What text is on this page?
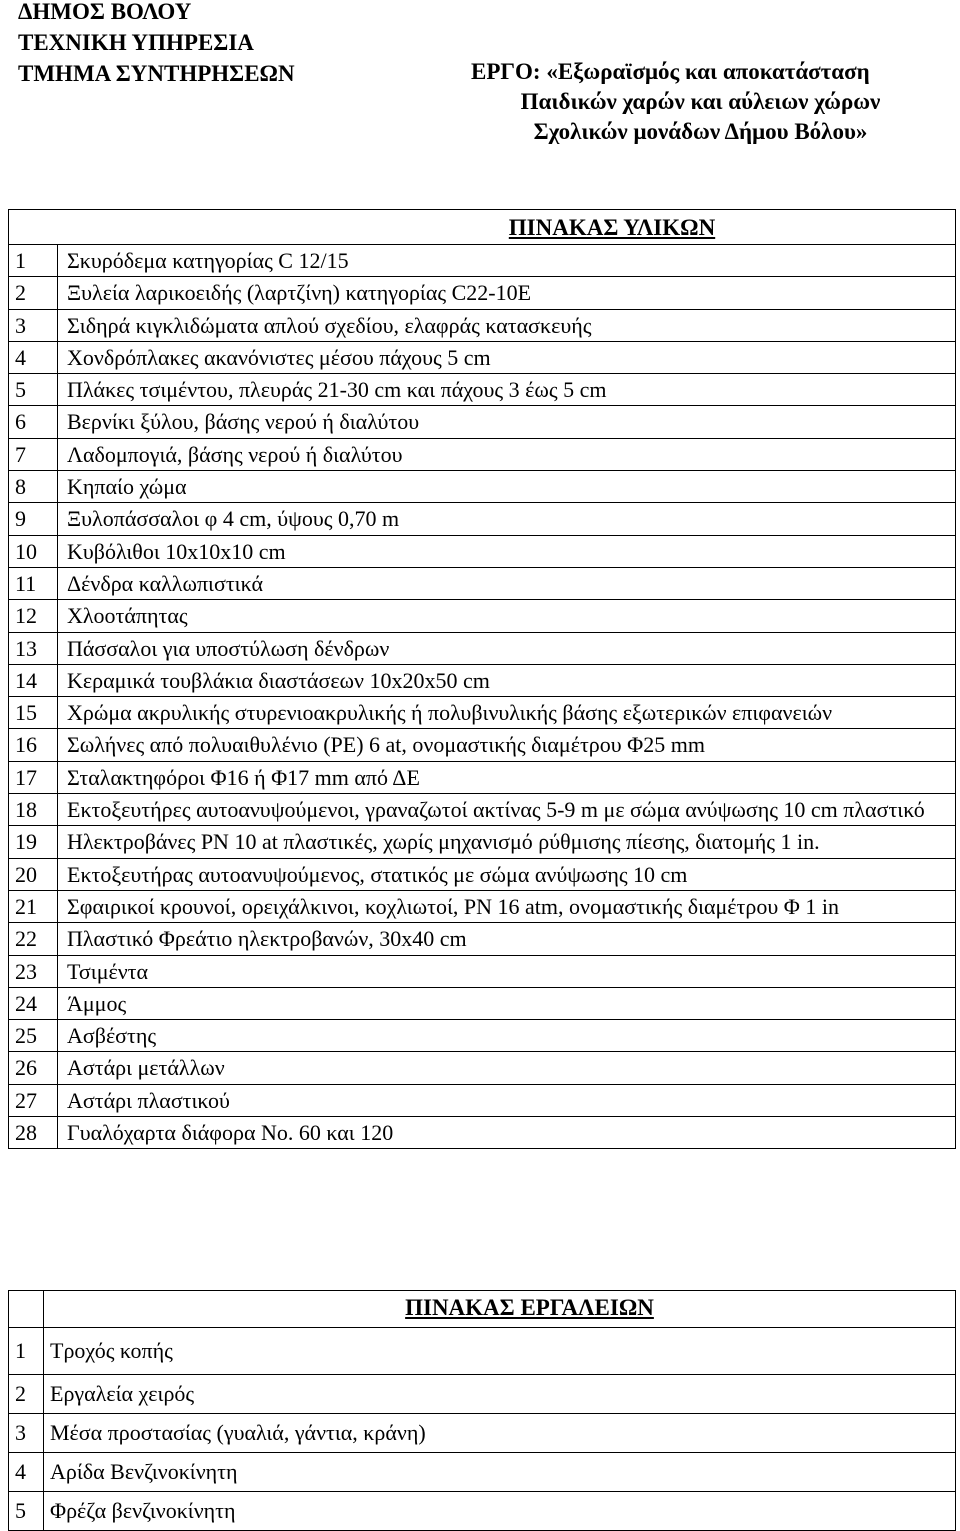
ΔΗΜΟΣ ΒΟΛΟΥ
ΤΕΧΝΙΚΗ ΥΠΗΡΕΣΙΑ
ΤΜΗΜΑ ΣΥΝΤΗΡΗΣΕΩΝ	ΕΡΓΟ: «Εξωραϊσμός και αποκατάσταση

Παιδικών χαρών και αύλειων χώρων

Σχολικών μονάδων Δήμου Βόλου»

ΠΙΝΑΚΑΣ ΥΛΙΚΩΝ	
1	Σκυρόδεμα κατηγορίας C 12/15
2	Ξυλεία λαρικοειδής (λαρτζίνη) κατηγορίας C22-10E
3	Σιδηρά κιγκλιδώματα απλού σχεδίου, ελαφράς κατασκευής
4	Χονδρόπλακες ακανόνιστες μέσου πάχους 5 cm
5	Πλάκες τσιμέντου, πλευράς 21-30 cm και πάχους 3 έως 5 cm
6	Βερνίκι ξύλου, βάσης νερού ή διαλύτου
7	Λαδομπογιά, βάσης νερού ή διαλύτου
8	Κηπαίο χώμα
9	Ξυλοπάσσαλοι φ 4 cm, ύψους 0,70 m
10	Κυβόλιθοι 10x10x10 cm
11	Δένδρα καλλωπιστικά
12	Χλοοτάπητας
13	Πάσσαλοι για υποστύλωση δένδρων
14	Κεραμικά τουβλάκια διαστάσεων 10x20x50 cm
15	Χρώμα ακρυλικής στυρενιοακρυλικής ή πολυβινυλικής βάσης εξωτερικών επιφανειών
16	Σωλήνες από πολυαιθυλένιο (ΡΕ) 6 at, ονομαστικής διαμέτρου Φ25 mm
17	Σταλακτηφόροι Φ16 ή Φ17 mm από ΔΕ
18	Εκτοξευτήρες αυτοανυψούμενοι, γραναζωτοί ακτίνας 5-9 m με σώμα ανύψωσης 10 cm πλαστικό
19	Ηλεκτροβάνες ΡΝ 10 at πλαστικές, χωρίς μηχανισμό ρύθμισης πίεσης, διατομής 1 in.
20	Εκτοξευτήρας αυτοανυψούμενος, στατικός με σώμα ανύψωσης 10 cm
21	Σφαιρικοί κρουνοί, ορειχάλκινοι, κοχλιωτοί, ΡΝ 16 atm, ονομαστικής διαμέτρου Φ 1 in
22	Πλαστικό Φρεάτιο ηλεκτροβανών, 30x40 cm
23	Τσιμέντα
24	Άμμος
25	Ασβέστης
26	Αστάρι μετάλλων
27	Αστάρι πλαστικού
28	Γυαλόχαρτα διάφορα Νο. 60 και 120
	ΠΙΝΑΚΑΣ ΕΡΓΑΛΕΙΩΝ
1	Τροχός κοπής
2	Εργαλεία χειρός
3	Μέσα προστασίας (γυαλιά, γάντια, κράνη)
4	Αρίδα Βενζινοκίνητη
5	Φρέζα βενζινοκίνητη
